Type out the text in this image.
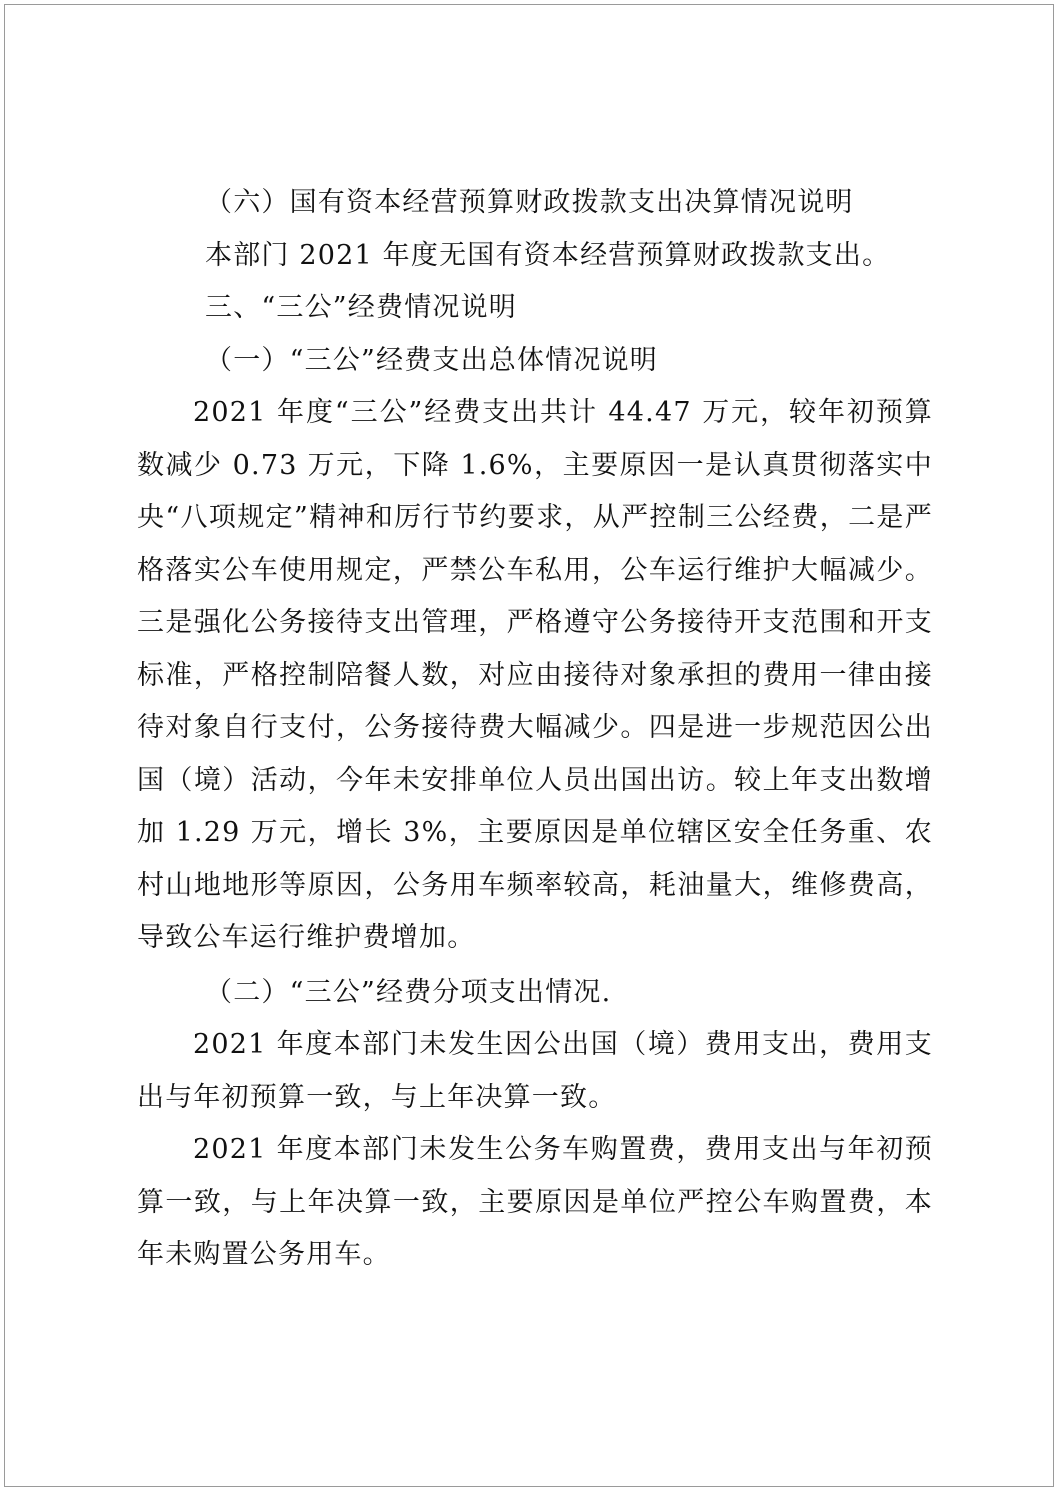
（六）国有资本经营预算财政拨款支出决算情况说明

本部门 2021 年度无国有资本经营预算财政拨款支出。

三、“三公”经费情况说明

（一）“三公”经费支出总体情况说明

2021 年度“三公”经费支出共计 44.47 万元，较年初预算数减少 0.73 万元，下降 1.6%，主要原因一是认真贯彻落实中央“八项规定”精神和厉行节约要求，从严控制三公经费，二是严格落实公车使用规定，严禁公车私用，公车运行维护大幅减少。三是强化公务接待支出管理，严格遵守公务接待开支范围和开支标准，严格控制陪餐人数，对应由接待对象承担的费用一律由接待对象自行支付，公务接待费大幅减少。四是进一步规范因公出国（境）活动，今年未安排单位人员出国出访。较上年支出数增加 1.29 万元，增长 3%，主要原因是单位辖区安全任务重、农村山地地形等原因，公务用车频率较高，耗油量大，维修费高，导致公车运行维护费增加。

（二）“三公”经费分项支出情况.

2021 年度本部门未发生因公出国（境）费用支出，费用支出与年初预算一致，与上年决算一致。

2021 年度本部门未发生公务车购置费，费用支出与年初预算一致，与上年决算一致，主要原因是单位严控公车购置费，本年未购置公务用车。
